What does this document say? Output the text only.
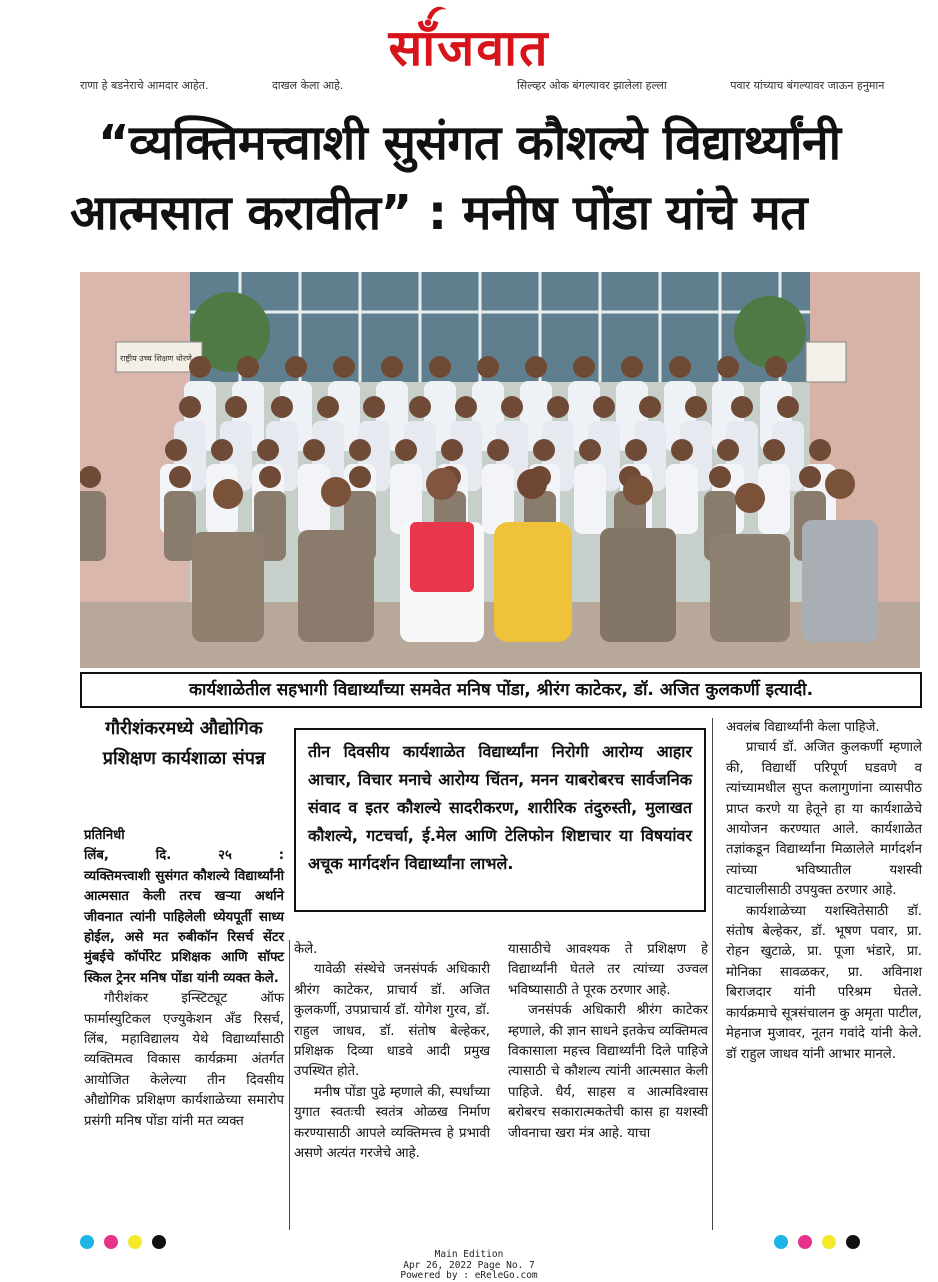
साँजवात
राणा हे बडनेराचे आमदार आहेत.	दाखल केला आहे.	सिल्व्हर ओक बंगल्यावर झालेला हल्ला	पवार यांच्याच बंगल्यावर जाऊन हनुमान
“व्यक्तिमत्त्वाशी सुसंगत कौशल्ये विद्यार्थ्यांनी
आत्मसात करावीत” : मनीष पोंडा यांचे मत
राष्ट्रीय उच्च शिक्षण धोरणे
कार्यशाळेतील सहभागी विद्यार्थ्यांच्या समवेत मनिष पोंडा, श्रीरंग काटेकर, डॉ. अजित कुलकर्णी इत्यादी.
गौरीशंकरमध्ये औद्योगिक प्रशिक्षण कार्यशाळा संपन्न	तीन दिवसीय कार्यशाळेत विद्यार्थ्यांना निरोगी आरोग्य आहार आचार, विचार मनाचे आरोग्य चिंतन, मनन याबरोबरच सार्वजनिक संवाद व इतर कौशल्ये सादरीकरण, शारीरिक तंदुरुस्ती, मुलाखत कौशल्ये, गटचर्चा, ई.मेल आणि टेलिफोन शिष्टाचार या विषयांवर अचूक मार्गदर्शन विद्यार्थ्यांना लाभले.

प्रतिनिधी

लिंब, दि. २५ :

व्यक्तिमत्त्वाशी सुसंगत कौशल्ये विद्यार्थ्यांनी आत्मसात केली तरच खऱ्या अर्थाने जीवनात त्यांनी पाहिलेली ध्येयपूर्ती साध्य होईल, असे मत रुबीकॉन रिसर्च सेंटर मुंबईचे कॉर्पोरेट प्रशिक्षक आणि सॉफ्ट स्किल ट्रेनर मनिष पोंडा यांनी व्यक्त केले.

गौरीशंकर इन्स्टिट्यूट ऑफ फार्मास्युटिकल एज्युकेशन अँड रिसर्च, लिंब, महाविद्यालय येथे विद्यार्थ्यांसाठी व्यक्तिमत्व विकास कार्यक्रमा अंतर्गत आयोजित केलेल्या तीन दिवसीय औद्योगिक प्रशिक्षण कार्यशाळेच्या समारोप प्रसंगी मनिष पोंडा यांनी मत व्यक्त

केले.

यावेळी संस्थेचे जनसंपर्क अधिकारी श्रीरंग काटेकर, प्राचार्य डॉ. अजित कुलकर्णी, उपप्राचार्य डॉ. योगेश गुरव, डॉ. राहुल जाधव, डॉ. संतोष बेल्हेकर, प्रशिक्षक दिव्या धाडवे आदी प्रमुख उपस्थित होते.

मनीष पोंडा पुढे म्हणाले की, स्पर्धांच्या युगात स्वतःची स्वतंत्र ओळख निर्माण करण्यासाठी आपले व्यक्तिमत्त्व हे प्रभावी असणे अत्यंत गरजेचे आहे.

यासाठीचे आवश्यक ते प्रशिक्षण हे विद्यार्थ्यांनी घेतले तर त्यांच्या उज्वल भविष्यासाठी ते पूरक ठरणार आहे.

जनसंपर्क अधिकारी श्रीरंग काटेकर म्हणाले, की ज्ञान साधने इतकेच व्यक्तिमत्व विकासाला महत्त्व विद्यार्थ्यांनी दिले पाहिजे त्यासाठी चे कौशल्य त्यांनी आत्मसात केली पाहिजे. धैर्य, साहस व आत्मविश्वास बरोबरच सकारात्मकतेची कास हा यशस्वी जीवनाचा खरा मंत्र आहे. याचा

अवलंब विद्यार्थ्यांनी केला पाहिजे.

प्राचार्य डॉ. अजित कुलकर्णी म्हणाले की, विद्यार्थी परिपूर्ण घडवणे व त्यांच्यामधील सुप्त कलागुणांना व्यासपीठ प्राप्त करणे या हेतूने हा या कार्यशाळेचे आयोजन करण्यात आले. कार्यशाळेत तज्ञांकडून विद्यार्थ्यांना मिळालेले मार्गदर्शन त्यांच्या भविष्यातील यशस्वी वाटचालीसाठी उपयुक्त ठरणार आहे.

कार्यशाळेच्या यशस्वितेसाठी डॉ. संतोष बेल्हेकर, डॉ. भूषण पवार, प्रा. रोहन खुटाळे, प्रा. पूजा भंडारे, प्रा. मोनिका सावळकर, प्रा. अविनाश बिराजदार यांनी परिश्रम घेतले. कार्यक्रमाचे सूत्रसंचालन कु अमृता पाटील, मेहनाज मुजावर, नूतन गवांदे यांनी केले. डॉ राहुल जाधव यांनी आभार मानले.

Main Edition
Apr 26, 2022 Page No. 7
Powered by : eReleGo.com
